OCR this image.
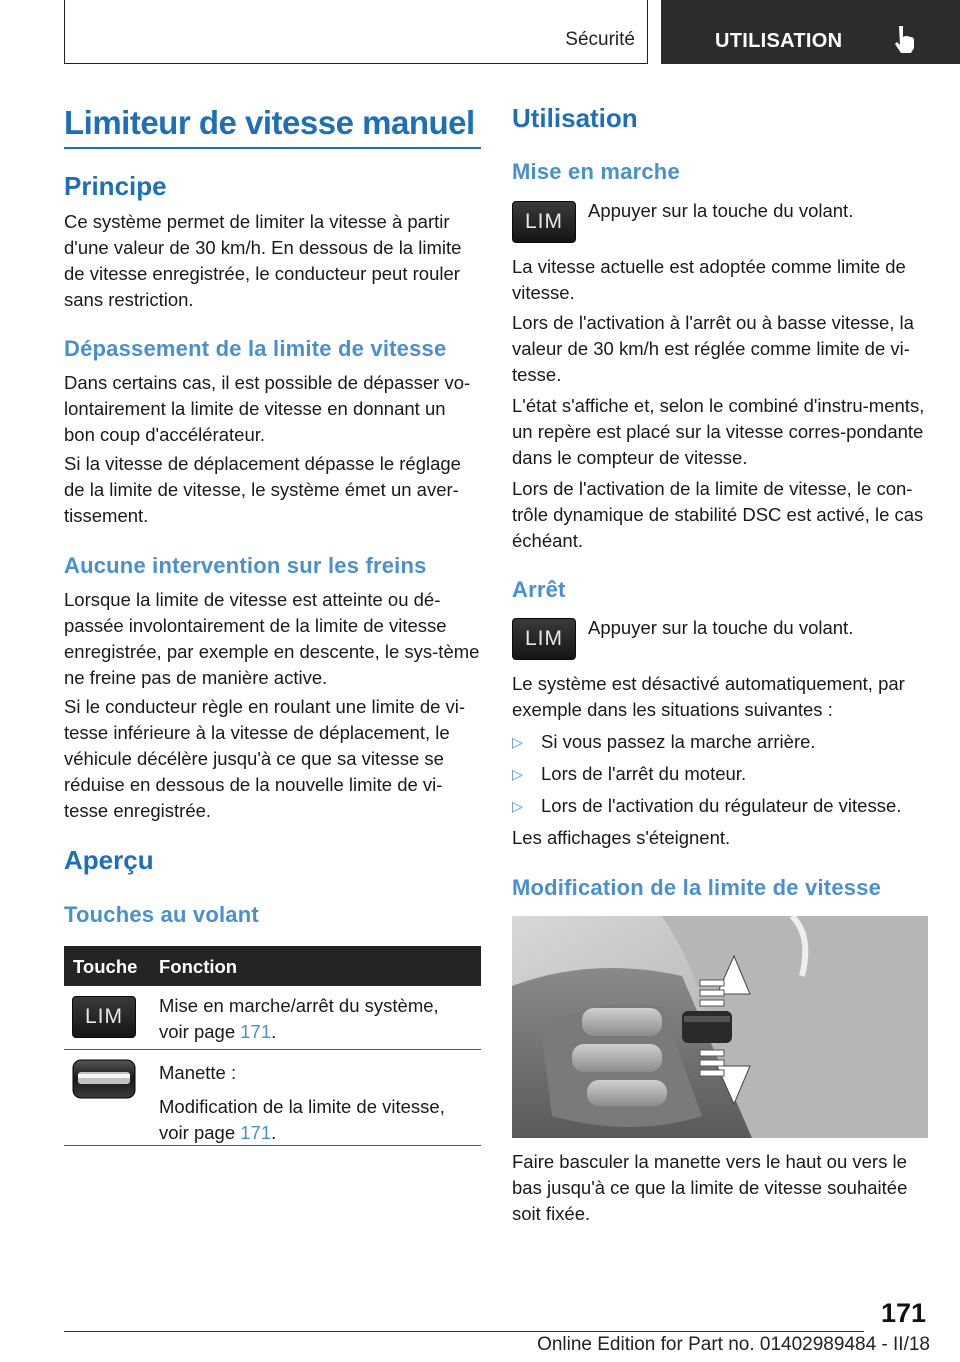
Sécurité	UTILISATION
Limiteur de vitesse manuel
Principe
Ce système permet de limiter la vitesse à partir d'une valeur de 30 km/h. En dessous de la limite de vitesse enregistrée, le conducteur peut rouler sans restriction.
Dépassement de la limite de vitesse
Dans certains cas, il est possible de dépasser vo-lontairement la limite de vitesse en donnant un bon coup d'accélérateur.
Si la vitesse de déplacement dépasse le réglage de la limite de vitesse, le système émet un aver-tissement.
Aucune intervention sur les freins
Lorsque la limite de vitesse est atteinte ou dé-passée involontairement de la limite de vitesse enregistrée, par exemple en descente, le sys-tème ne freine pas de manière active.
Si le conducteur règle en roulant une limite de vi-tesse inférieure à la vitesse de déplacement, le véhicule décélère jusqu'à ce que sa vitesse se réduise en dessous de la nouvelle limite de vi-tesse enregistrée.
Aperçu
Touches au volant
Touche Fonction
LIM	Mise en marche/arrêt du système,
voir page 171.
Manette :
Modification de la limite de vitesse,
voir page 171.
Utilisation
Mise en marche
LIM	Appuyer sur la touche du volant.
La vitesse actuelle est adoptée comme limite de vitesse.
Lors de l'activation à l'arrêt ou à basse vitesse, la valeur de 30 km/h est réglée comme limite de vi-tesse.
L'état s'affiche et, selon le combiné d'instru-ments, un repère est placé sur la vitesse corres-pondante dans le compteur de vitesse.
Lors de l'activation de la limite de vitesse, le con-trôle dynamique de stabilité DSC est activé, le cas échéant.
Arrêt
LIM	Appuyer sur la touche du volant.
Le système est désactivé automatiquement, par exemple dans les situations suivantes :
▷ Si vous passez la marche arrière.
▷ Lors de l'arrêt du moteur.
▷ Lors de l'activation du régulateur de vitesse.
Les affichages s'éteignent.
Modification de la limite de vitesse
Faire basculer la manette vers le haut ou vers le bas jusqu'à ce que la limite de vitesse souhaitée soit fixée.
171
Online Edition for Part no. 01402989484 - II/18
